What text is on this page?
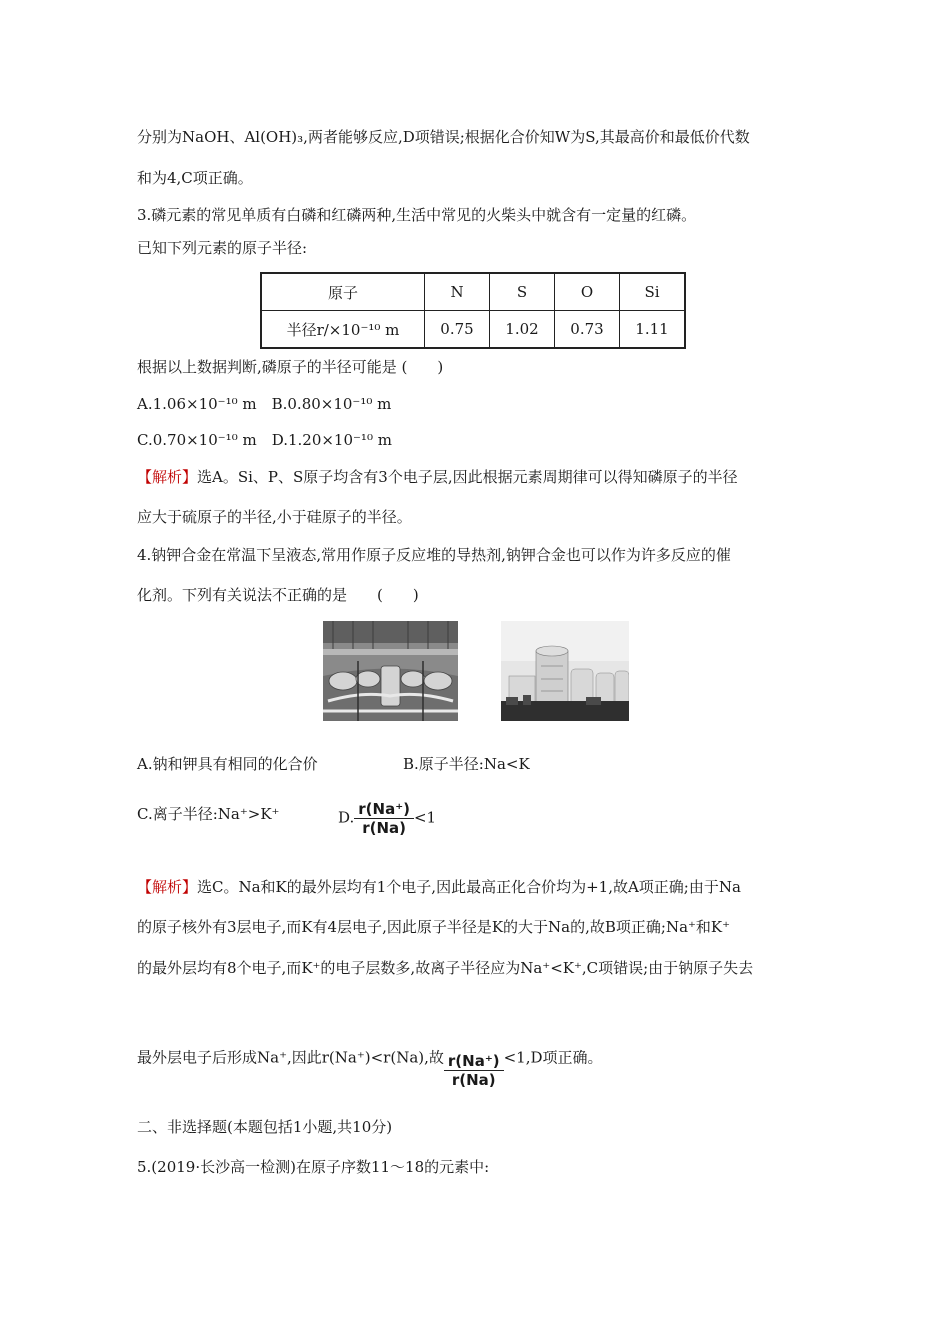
分别为NaOH、Al(OH)₃,两者能够反应,D项错误;根据化合价知W为S,其最高价和最低价代数
和为4,C项正确。
3.磷元素的常见单质有白磷和红磷两种,生活中常见的火柴头中就含有一定量的红磷。
已知下列元素的原子半径:
原子	N	S	O	Si
半径r/×10⁻¹⁰ m	0.75	1.02	0.73	1.11
根据以上数据判断,磷原子的半径可能是 (　　)
A.1.06×10⁻¹⁰ m　B.0.80×10⁻¹⁰ m
C.0.70×10⁻¹⁰ m　D.1.20×10⁻¹⁰ m
【解析】选A。Si、P、S原子均含有3个电子层,因此根据元素周期律可以得知磷原子的半径
应大于硫原子的半径,小于硅原子的半径。
4.钠钾合金在常温下呈液态,常用作原子反应堆的导热剂,钠钾合金也可以作为许多反应的催
化剂。下列有关说法不正确的是　　(　　)
A.钠和钾具有相同的化合价	B.原子半径:Na<K
C.离子半径:Na⁺>K⁺	D. $\frac{r(Na^+)}{r(Na)} <1$
【解析】选C。Na和K的最外层均有1个电子,因此最高正化合价均为+1,故A项正确;由于Na
的原子核外有3层电子,而K有4层电子,因此原子半径是K的大于Na的,故B项正确;Na⁺和K⁺
的最外层均有8个电子,而K⁺的电子层数多,故离子半径应为Na⁺<K⁺,C项错误;由于钠原子失去
最外层电子后形成Na⁺,因此r(Na⁺)<r(Na),故 $\frac{r(Na^+)}{r(Na)} <1,D$项正确。
二、非选择题(本题包括1小题,共10分)
5.(2019·长沙高一检测)在原子序数11～18的元素中:
